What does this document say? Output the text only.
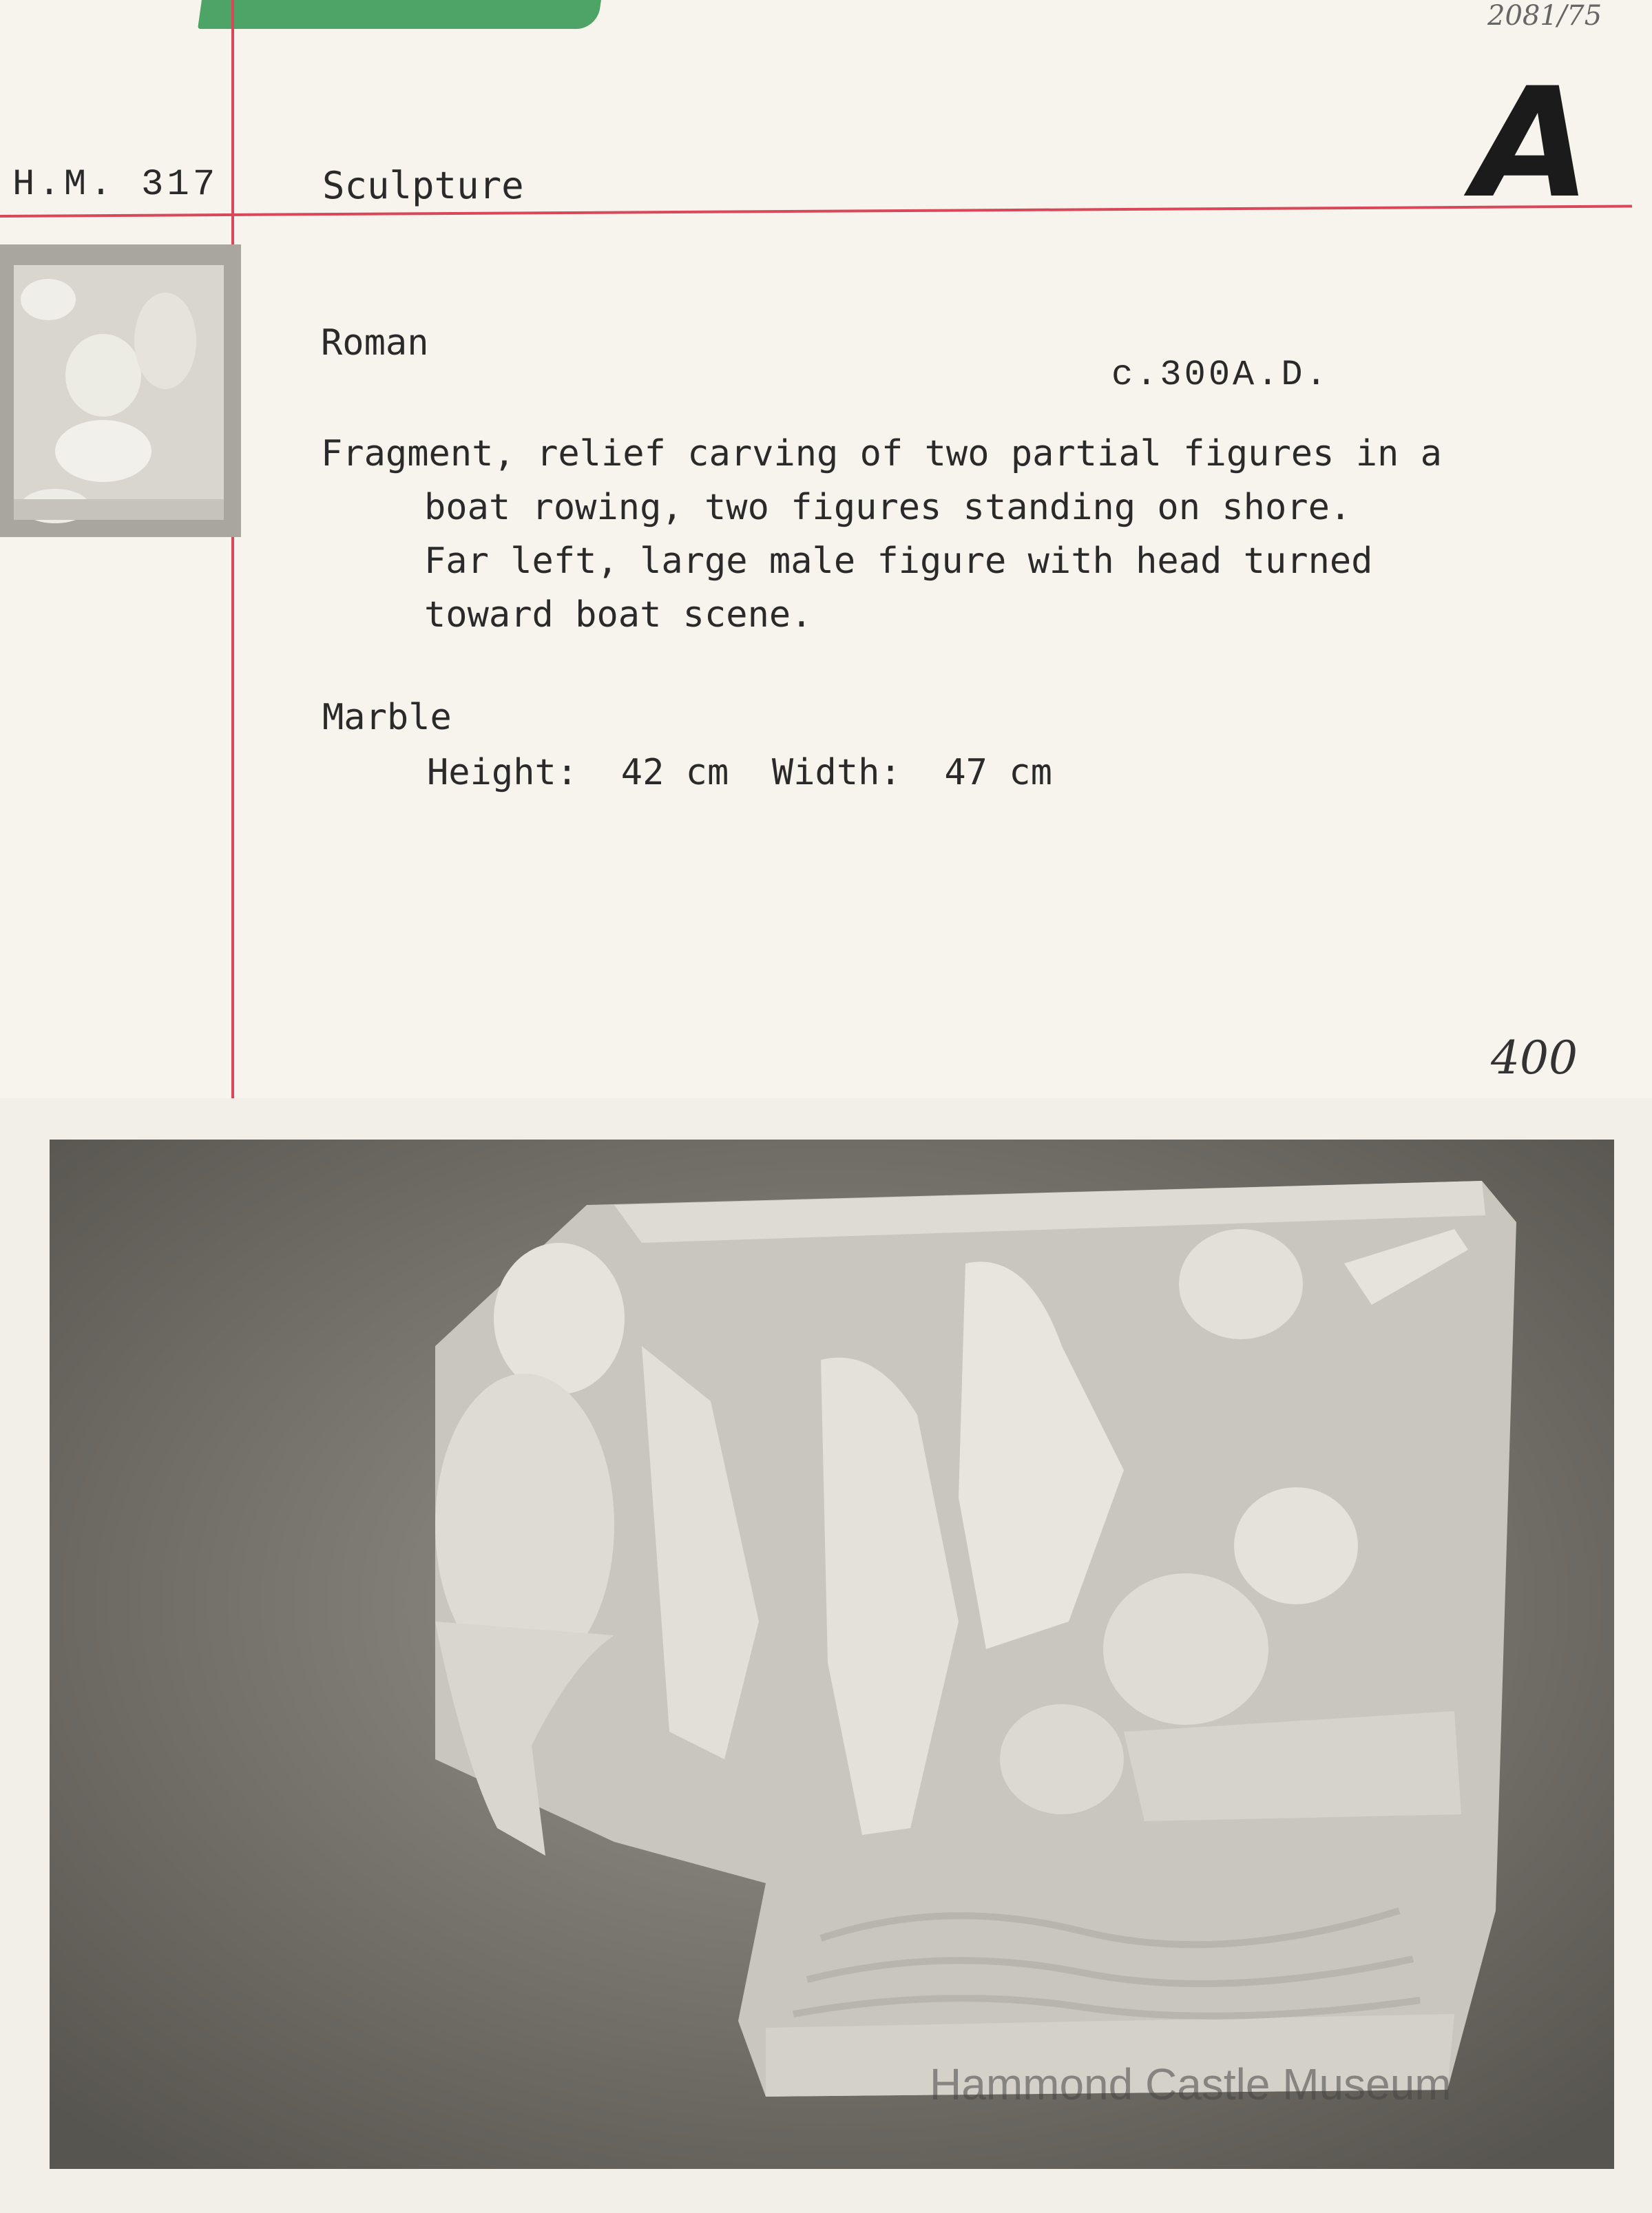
H.M. 317	Sculpture
2081/75
A
Roman
c.300A.D.
Fragment, relief carving of two partial figures in a
boat rowing, two figures standing on shore.
Far left, large male figure with head turned
toward boat scene.
Marble
Height:  42 cm  Width:  47 cm
400
Hammond Castle Museum
